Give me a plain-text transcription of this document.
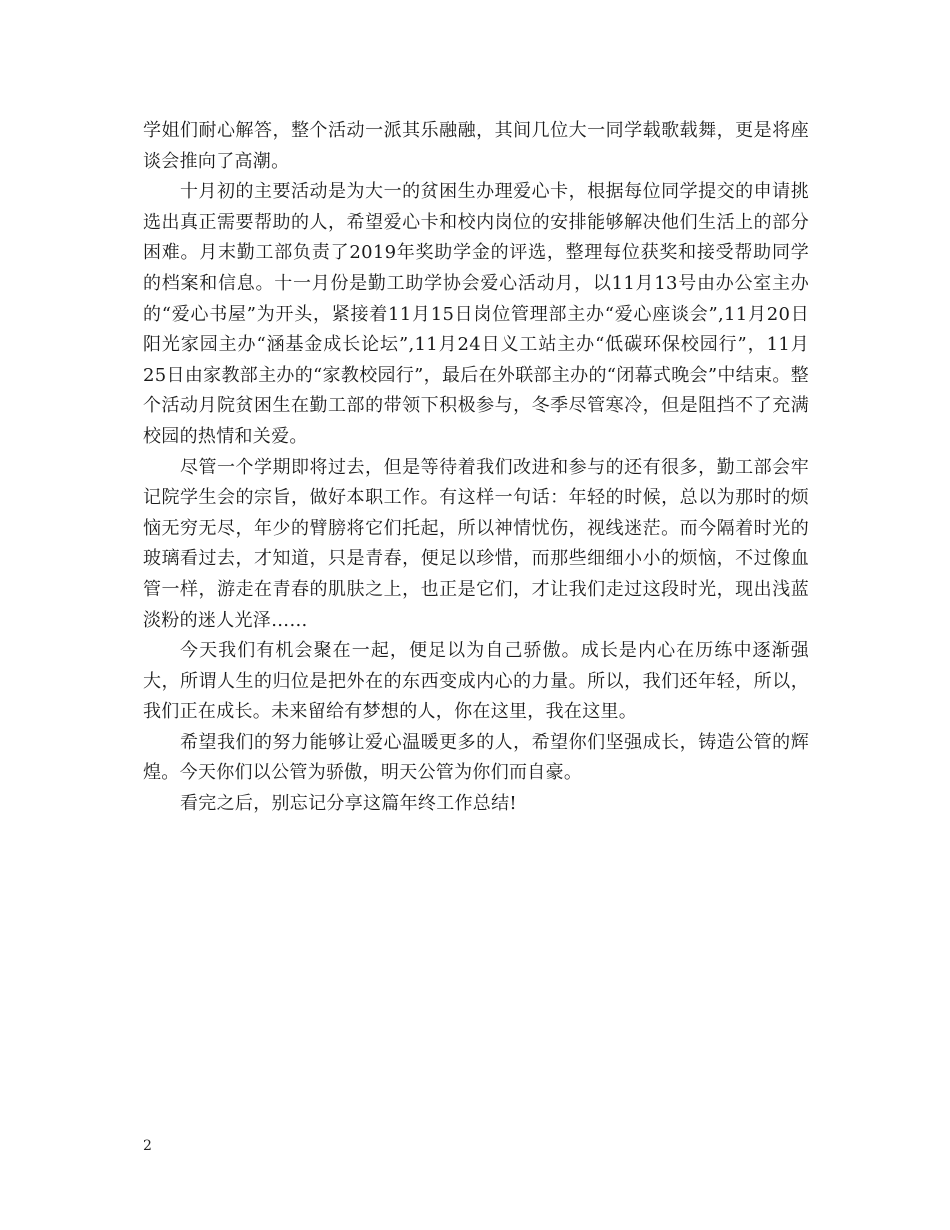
学姐们耐心解答，整个活动一派其乐融融，其间几位大一同学载歌载舞，更是将座谈会推向了高潮。

十月初的主要活动是为大一的贫困生办理爱心卡，根据每位同学提交的申请挑选出真正需要帮助的人，希望爱心卡和校内岗位的安排能够解决他们生活上的部分困难。月末勤工部负责了2019年奖助学金的评选，整理每位获奖和接受帮助同学的档案和信息。十一月份是勤工助学协会爱心活动月，以11月13号由办公室主办的“爱心书屋”为开头，紧接着11月15日岗位管理部主办“爱心座谈会”,11月20日阳光家园主办“涵基金成长论坛”,11月24日义工站主办“低碳环保校园行”，11月25日由家教部主办的“家教校园行”，最后在外联部主办的“闭幕式晚会”中结束。整个活动月院贫困生在勤工部的带领下积极参与，冬季尽管寒冷，但是阻挡不了充满校园的热情和关爱。

尽管一个学期即将过去，但是等待着我们改进和参与的还有很多，勤工部会牢记院学生会的宗旨，做好本职工作。有这样一句话：年轻的时候，总以为那时的烦恼无穷无尽，年少的臂膀将它们托起，所以神情忧伤，视线迷茫。而今隔着时光的玻璃看过去，才知道，只是青春，便足以珍惜，而那些细细小小的烦恼，不过像血管一样，游走在青春的肌肤之上，也正是它们，才让我们走过这段时光，现出浅蓝淡粉的迷人光泽……

今天我们有机会聚在一起，便足以为自己骄傲。成长是内心在历练中逐渐强大，所谓人生的归位是把外在的东西变成内心的力量。所以，我们还年轻，所以，我们正在成长。未来留给有梦想的人，你在这里，我在这里。

希望我们的努力能够让爱心温暖更多的人，希望你们坚强成长，铸造公管的辉煌。今天你们以公管为骄傲，明天公管为你们而自豪。

看完之后，别忘记分享这篇年终工作总结!

2
